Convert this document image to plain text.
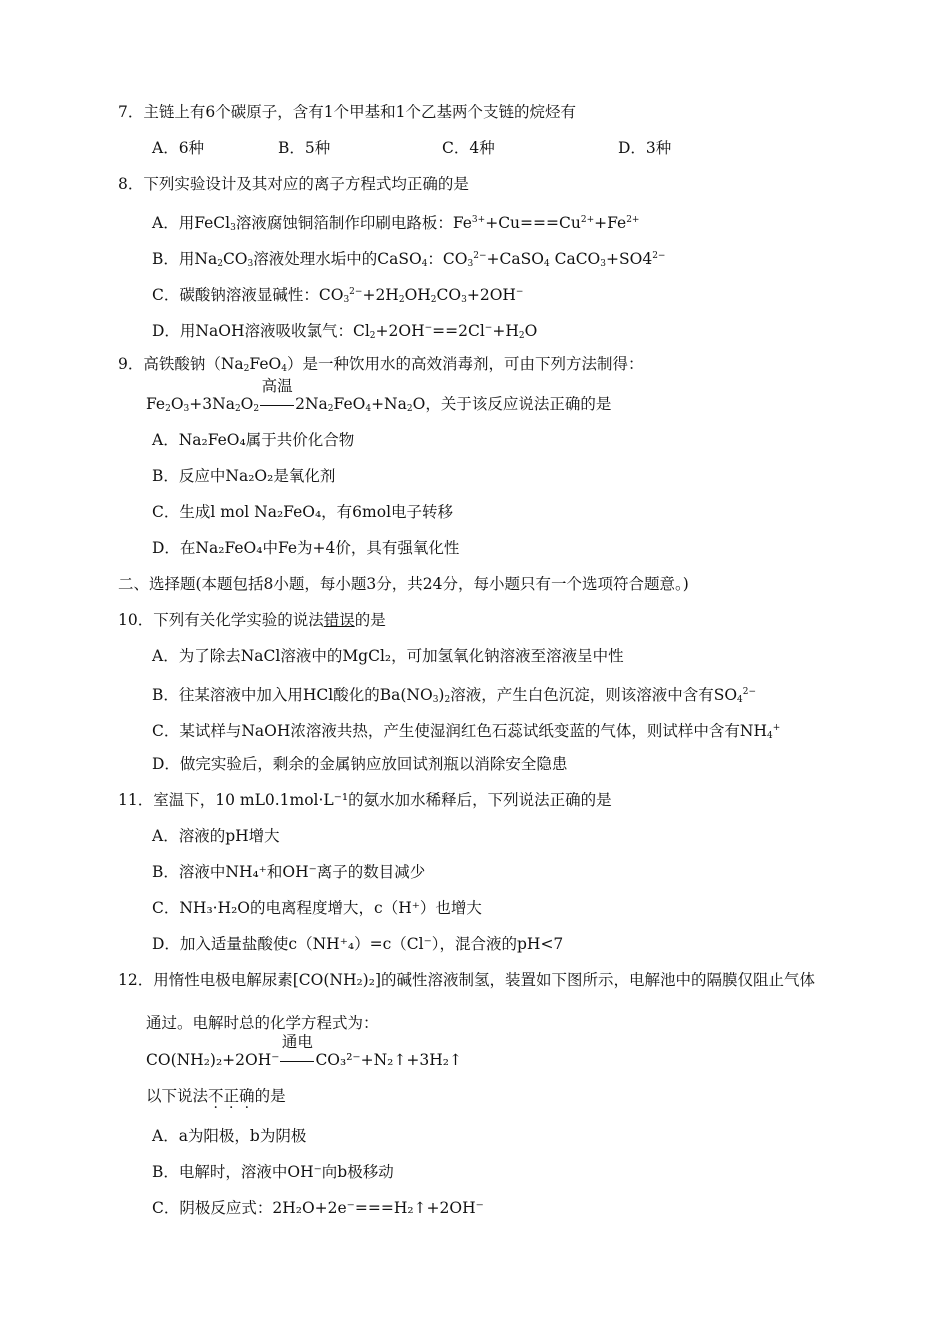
7．主链上有6个碳原子，含有1个甲基和1个乙基两个支链的烷烃有
A．6种	B．5种	C．4种	D．3种
8．下列实验设计及其对应的离子方程式均正确的是
A．用FeCl$_3$溶液腐蚀铜箔制作印刷电路板：$Fe^{3+}+Cu===Cu^{2+}+Fe^{2+}$
B．用$Na_2CO_3$溶液处理水垢中的CaSO$_4$：$CO_3^{2-}+CaSO_4$ $CaCO_3+SO4^{2-}$
C．碳酸钠溶液显碱性：$CO_3^{2-}+2H_2OH_2CO_3+2OH^-$
D．用NaOH溶液吸收氯气：$Cl_2+2OH^-==2Cl^-+H_2O$
9．高铁酸钠$(Na_2FeO_4)$是一种饮用水的高效消毒剂，可由下列方法制得：
$Fe_2O_3+3Na_2O_2$
高温
$2Na_2FeO_4+Na_2O$，关于该反应说法正确的是
A．Na₂FeO₄属于共价化合物
B．反应中Na₂O₂是氧化剂
C．生成l mol Na₂FeO₄，有6mol电子转移
D．在Na₂FeO₄中Fe为+4价，具有强氧化性
二、选择题(本题包括8小题，每小题3分，共24分，每小题只有一个选项符合题意。)
10．下列有关化学实验的说法错误的是
A．为了除去NaCl溶液中的MgCl₂，可加氢氧化钠溶液至溶液呈中性
B．往某溶液中加入用HCl酸化的$Ba(NO_3)_2$溶液，产生白色沉淀，则该溶液中含有$SO_4^{2-}$
C．某试样与NaOH浓溶液共热，产生使湿润红色石蕊试纸变蓝的气体，则试样中含有$NH_4^+$
D．做完实验后，剩余的金属钠应放回试剂瓶以消除安全隐患
11．室温下，10 mL0.1mol·L⁻¹的氨水加水稀释后，下列说法正确的是
A．溶液的pH增大
B．溶液中NH₄⁺和OH⁻离子的数目减少
C．NH₃·H₂O的电离程度增大，c（H⁺）也增大
D．加入适量盐酸使c（NH⁺₄）=c（Cl⁻），混合液的pH<7
12．用惰性电极电解尿素[CO(NH₂)₂]的碱性溶液制氢，装置如下图所示，电解池中的隔膜仅阻止气体
通过。电解时总的化学方程式为：
CO(NH₂)₂+2OH⁻
通电
CO₃²⁻+N₂↑+3H₂↑
以下说法不正确的是
A．a为阳极，b为阴极
B．电解时，溶液中OH⁻向b极移动
C．阴极反应式：2H₂O+2e⁻===H₂↑+2OH⁻
